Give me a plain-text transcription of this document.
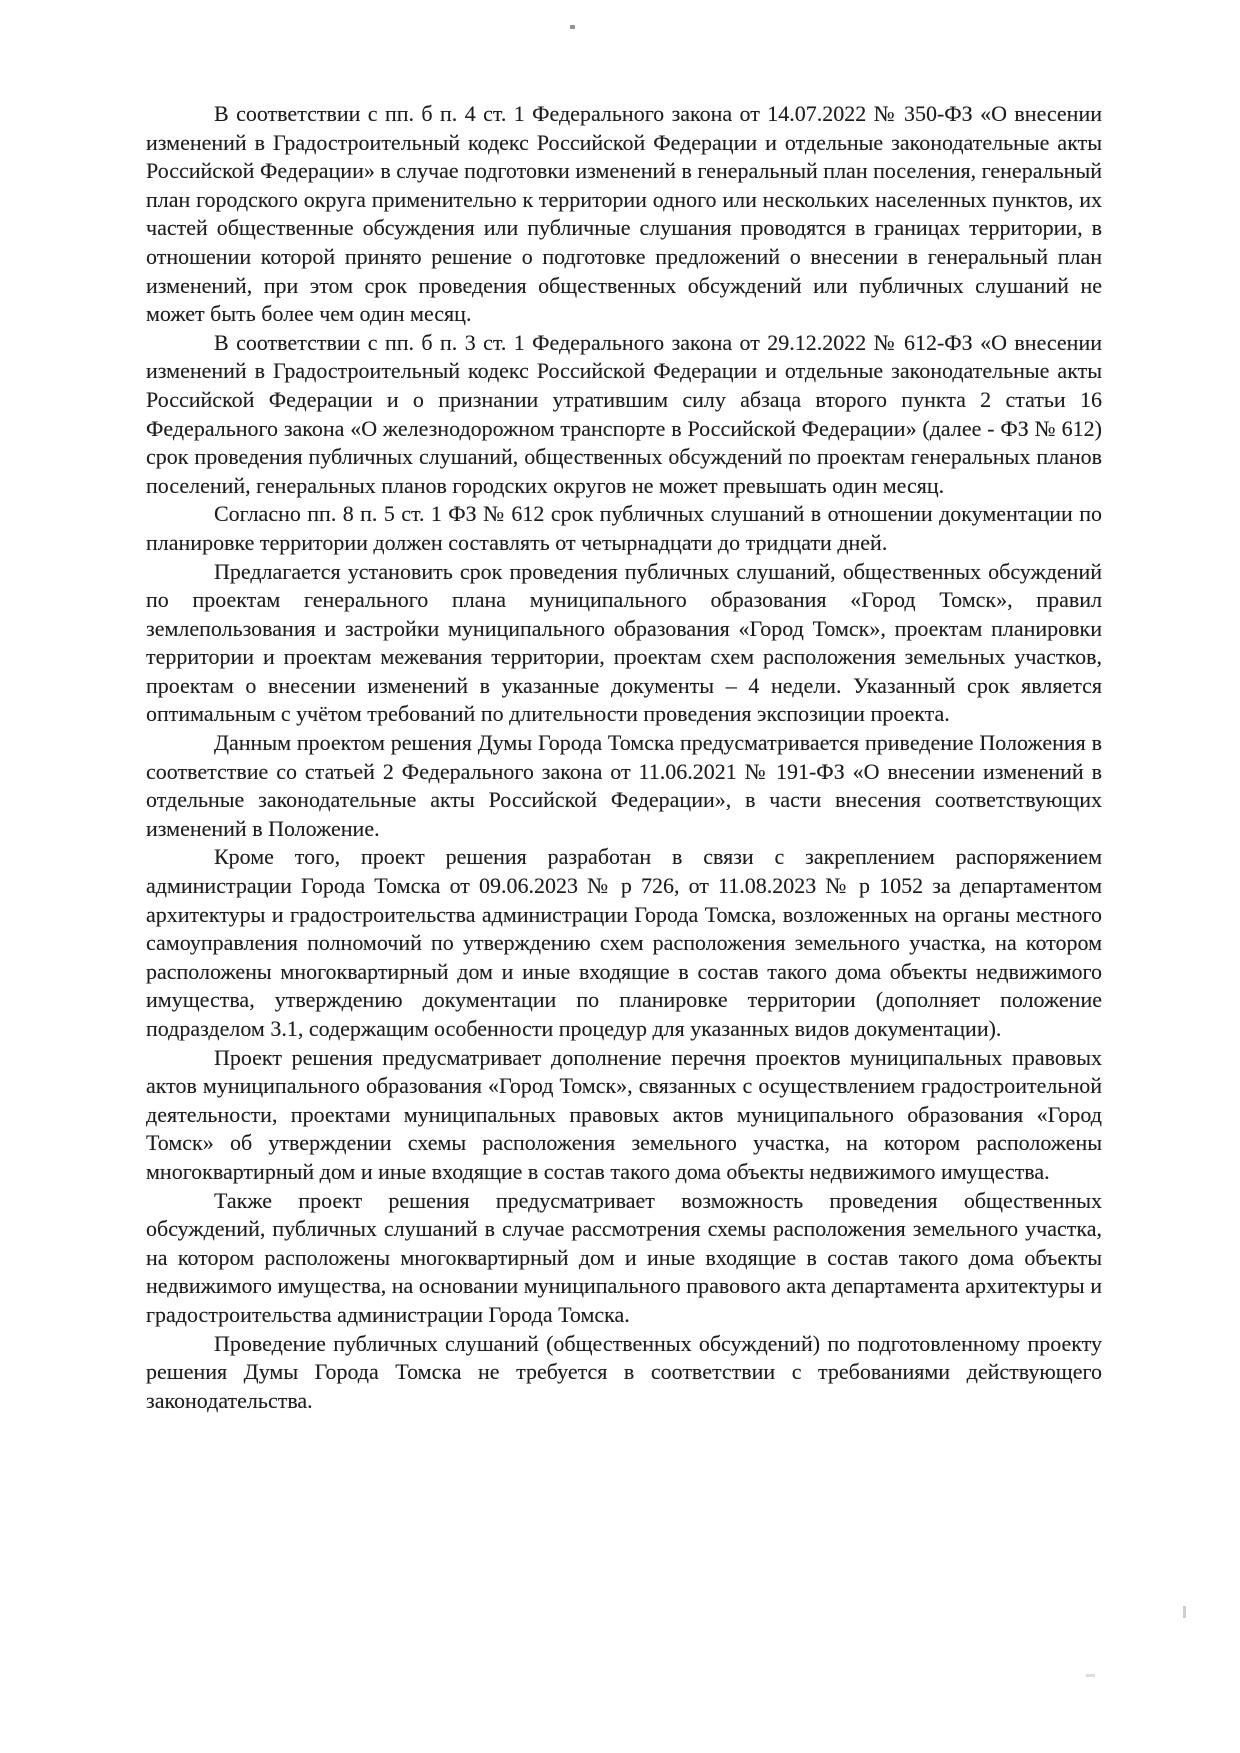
В соответствии с пп. б п. 4 ст. 1 Федерального закона от 14.07.2022 № 350-ФЗ «О внесении изменений в Градостроительный кодекс Российской Федерации и отдельные законодательные акты Российской Федерации» в случае подготовки изменений в генеральный план поселения, генеральный план городского округа применительно к территории одного или нескольких населенных пунктов, их частей общественные обсуждения или публичные слушания проводятся в границах территории, в отношении которой принято решение о подготовке предложений о внесении в генеральный план изменений, при этом срок проведения общественных обсуждений или публичных слушаний не может быть более чем один месяц.

В соответствии с пп. б п. 3 ст. 1 Федерального закона от 29.12.2022 № 612-ФЗ «О внесении изменений в Градостроительный кодекс Российской Федерации и отдельные законодательные акты Российской Федерации и о признании утратившим силу абзаца второго пункта 2 статьи 16 Федерального закона «О железнодорожном транспорте в Российской Федерации» (далее - ФЗ № 612) срок проведения публичных слушаний, общественных обсуждений по проектам генеральных планов поселений, генеральных планов городских округов не может превышать один месяц.

Согласно пп. 8 п. 5 ст. 1 ФЗ № 612 срок публичных слушаний в отношении документации по планировке территории должен составлять от четырнадцати до тридцати дней.

Предлагается установить срок проведения публичных слушаний, общественных обсуждений по проектам генерального плана муниципального образования «Город Томск», правил землепользования и застройки муниципального образования «Город Томск», проектам планировки территории и проектам межевания территории, проектам схем расположения земельных участков, проектам о внесении изменений в указанные документы – 4 недели. Указанный срок является оптимальным с учётом требований по длительности проведения экспозиции проекта.

Данным проектом решения Думы Города Томска предусматривается приведение Положения в соответствие со статьей 2 Федерального закона от 11.06.2021 № 191-ФЗ «О внесении изменений в отдельные законодательные акты Российской Федерации», в части внесения соответствующих изменений в Положение.

Кроме того, проект решения разработан в связи с закреплением распоряжением администрации Города Томска от 09.06.2023 № р 726, от 11.08.2023 № р 1052 за департаментом архитектуры и градостроительства администрации Города Томска, возложенных на органы местного самоуправления полномочий по утверждению схем расположения земельного участка, на котором расположены многоквартирный дом и иные входящие в состав такого дома объекты недвижимого имущества, утверждению документации по планировке территории (дополняет положение подразделом 3.1, содержащим особенности процедур для указанных видов документации).

Проект решения предусматривает дополнение перечня проектов муниципальных правовых актов муниципального образования «Город Томск», связанных с осуществлением градостроительной деятельности, проектами муниципальных правовых актов муниципального образования «Город Томск» об утверждении схемы расположения земельного участка, на котором расположены многоквартирный дом и иные входящие в состав такого дома объекты недвижимого имущества.

Также проект решения предусматривает возможность проведения общественных обсуждений, публичных слушаний в случае рассмотрения схемы расположения земельного участка, на котором расположены многоквартирный дом и иные входящие в состав такого дома объекты недвижимого имущества, на основании муниципального правового акта департамента архитектуры и градостроительства администрации Города Томска.

Проведение публичных слушаний (общественных обсуждений) по подготовленному проекту решения Думы Города Томска не требуется в соответствии с требованиями действующего законодательства.
